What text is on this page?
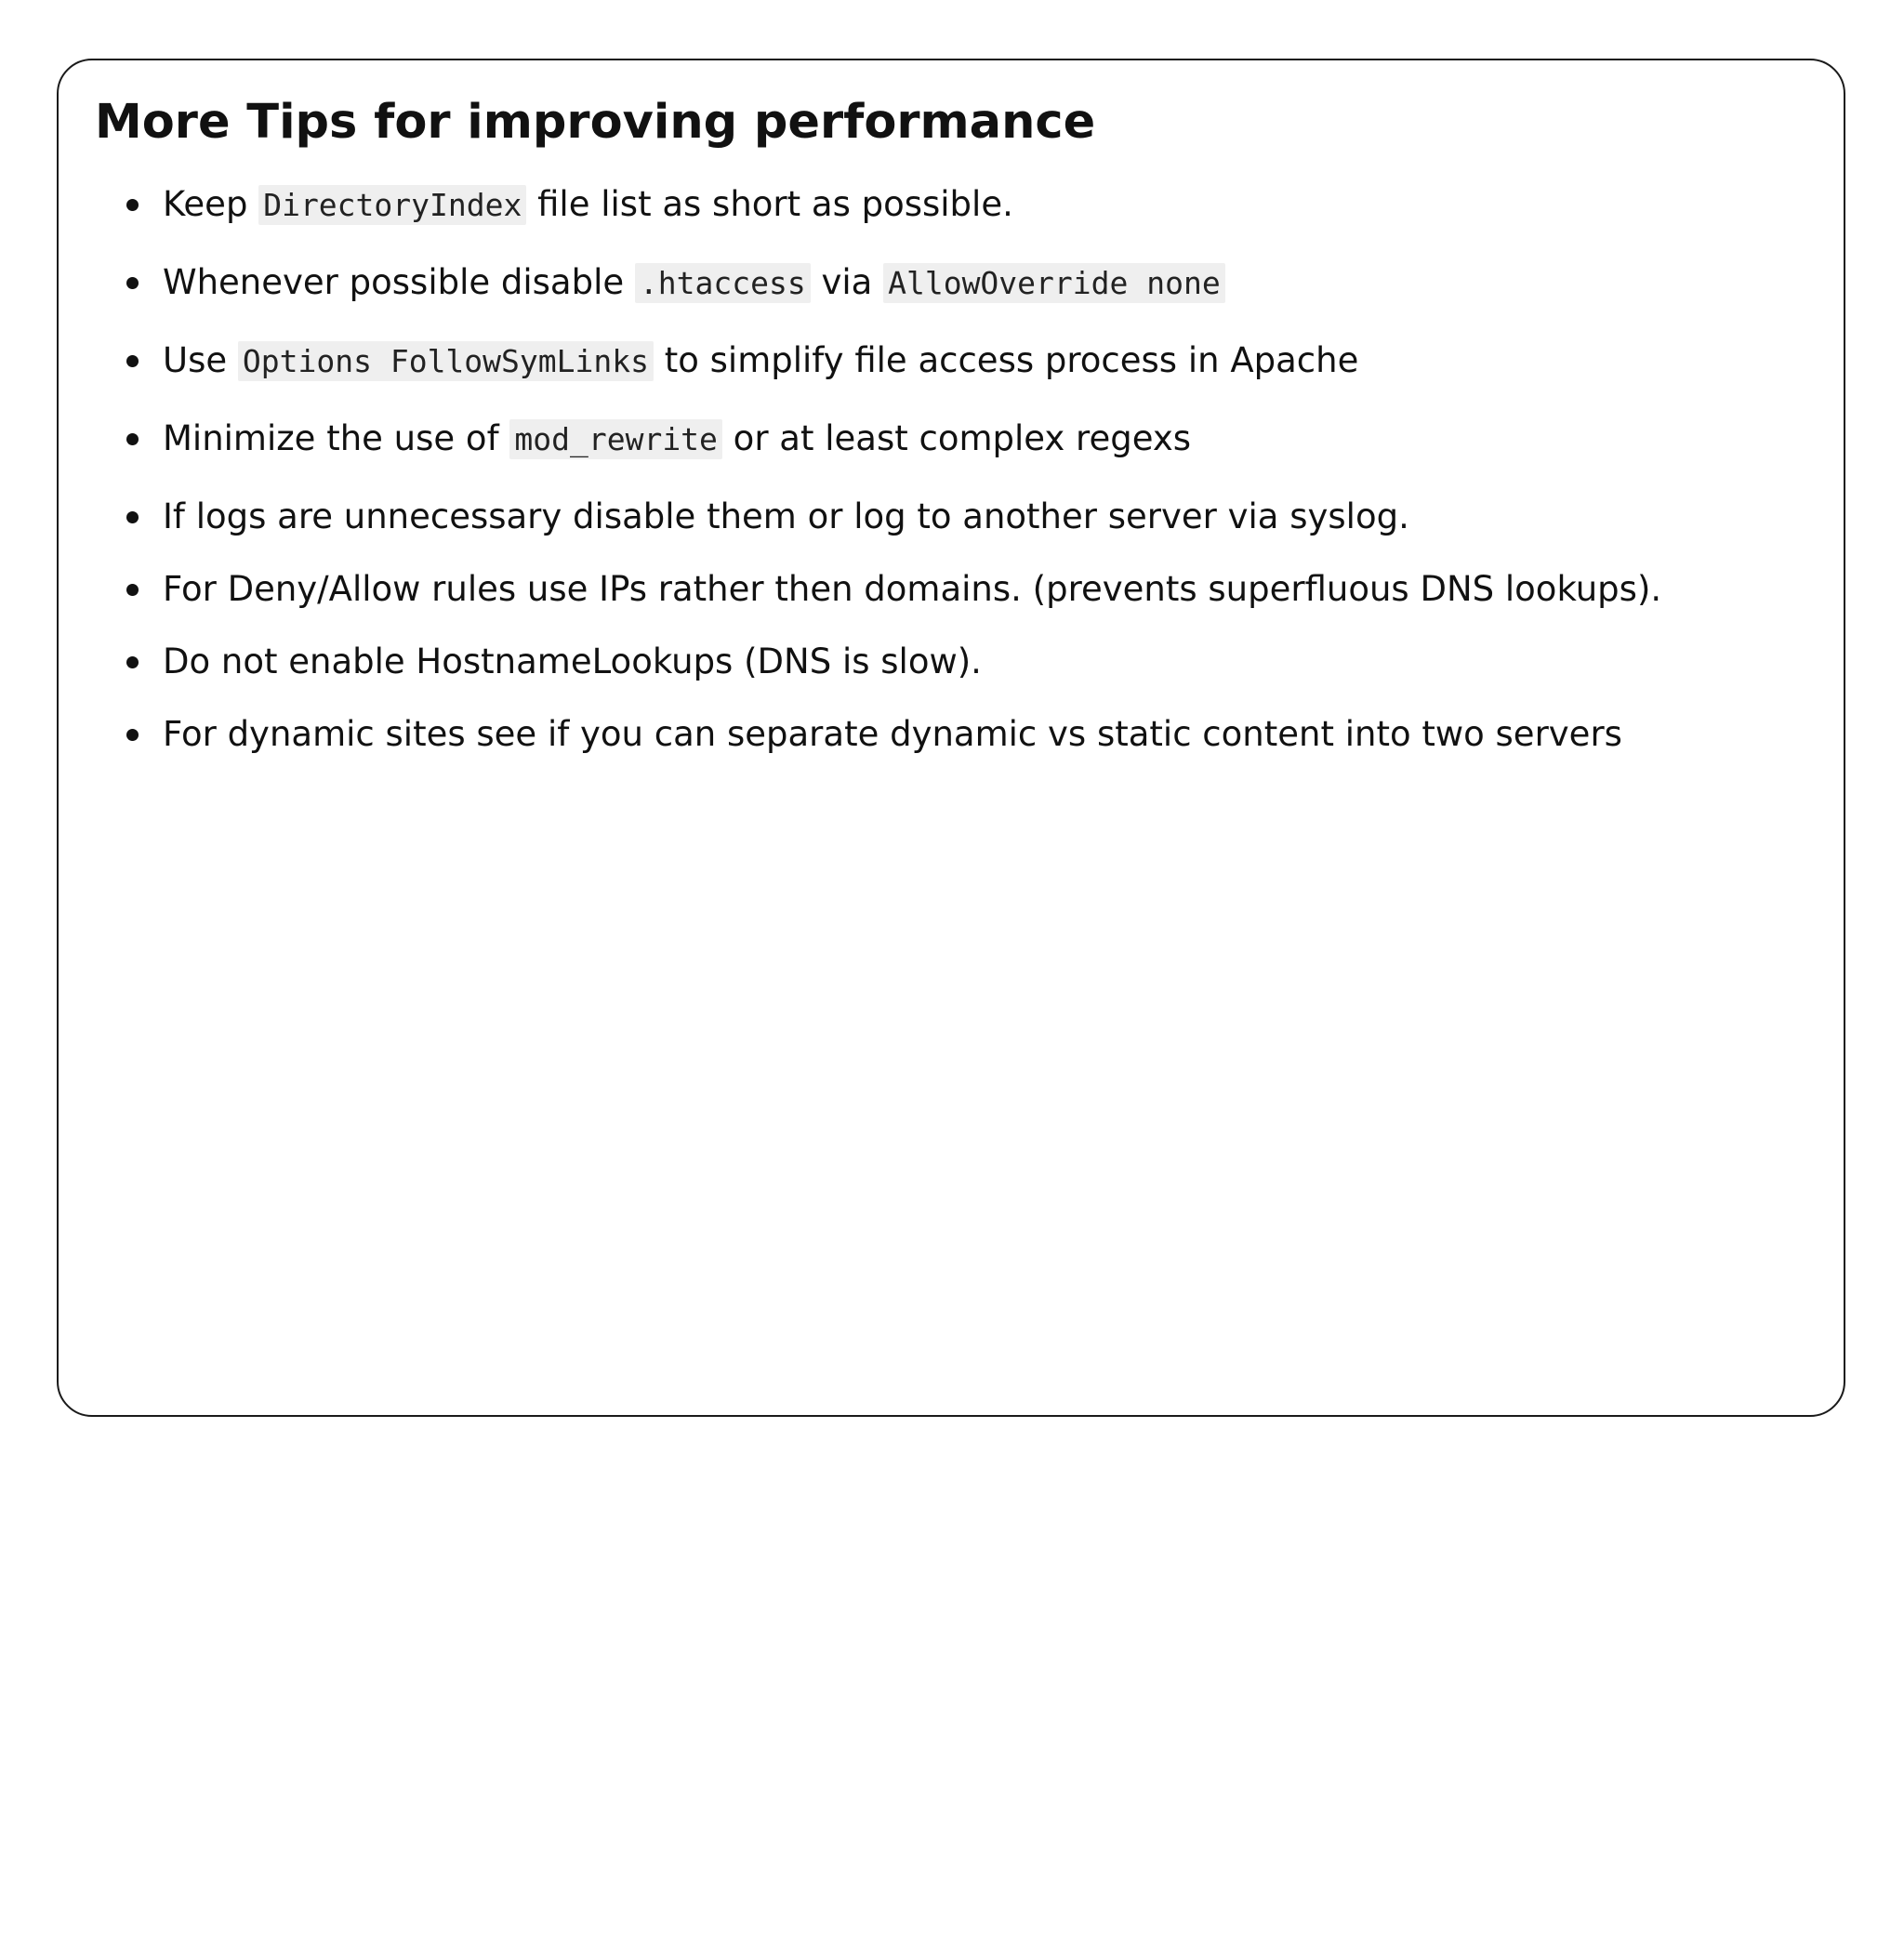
More Tips for improving performance
Keep DirectoryIndex file list as short as possible.
Whenever possible disable .htaccess via AllowOverride none
Use Options FollowSymLinks to simplify file access process in Apache
Minimize the use of mod_rewrite or at least complex regexs
If logs are unnecessary disable them or log to another server via syslog.
For Deny/Allow rules use IPs rather then domains. (prevents superfluous DNS lookups).
Do not enable HostnameLookups (DNS is slow).
For dynamic sites see if you can separate dynamic vs static content into two servers
